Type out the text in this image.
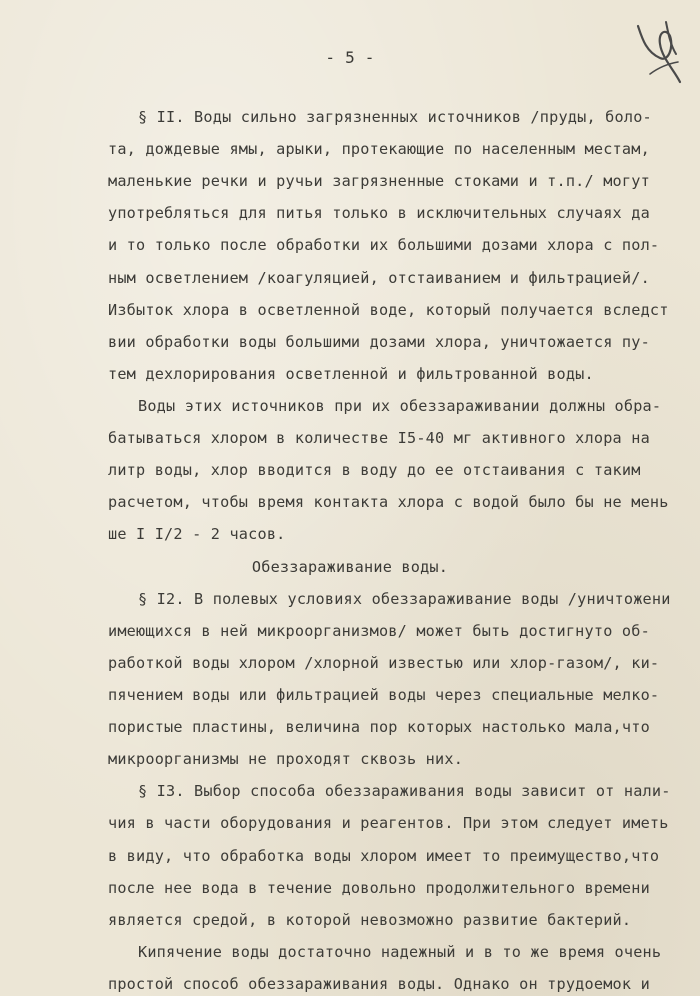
- 5 -
§ II. Воды сильно загрязненных источников /пруды, боло-
та, дождевые ямы, арыки, протекающие по населенным местам,
маленькие речки и ручьи загрязненные стоками и т.п./ могут
употребляться для питья только в исключительных случаях да
и то только после обработки их большими дозами хлора с пол-
ным осветлением /коагуляцией, отстаиванием и фильтрацией/.
Избыток хлора в осветленной воде, который получается вследст
вии обработки воды большими дозами хлора, уничтожается пу-
тем дехлорирования осветленной и фильтрованной воды.
Воды этих источников при их обеззараживании должны обра-
батываться хлором в количестве I5-40 мг активного хлора на
литр воды, хлор вводится в воду до ее отстаивания с таким
расчетом, чтобы время контакта хлора с водой было бы не мень
ше I I/2 - 2 часов.
Обеззараживание воды.
§ I2. В полевых условиях обеззараживание воды /уничтожени
имеющихся в ней микроорганизмов/ может быть достигнуто об-
работкой воды хлором /хлорной известью или хлор-газом/, ки-
пячением воды или фильтрацией воды через специальные мелко-
пористые пластины, величина пор которых настолько мала,что
микроорганизмы не проходят сквозь них.
§ I3. Выбор способа обеззараживания воды зависит от нали-
чия в части оборудования и реагентов. При этом следует иметь
в виду, что обработка воды хлором имеет то преимущество,что
после нее вода в течение довольно продолжительного времени
является средой, в которой невозможно развитие бактерий.
Кипячение воды достаточно надежный и в то же время очень
простой способ обеззараживания воды. Однако он трудоемок и
